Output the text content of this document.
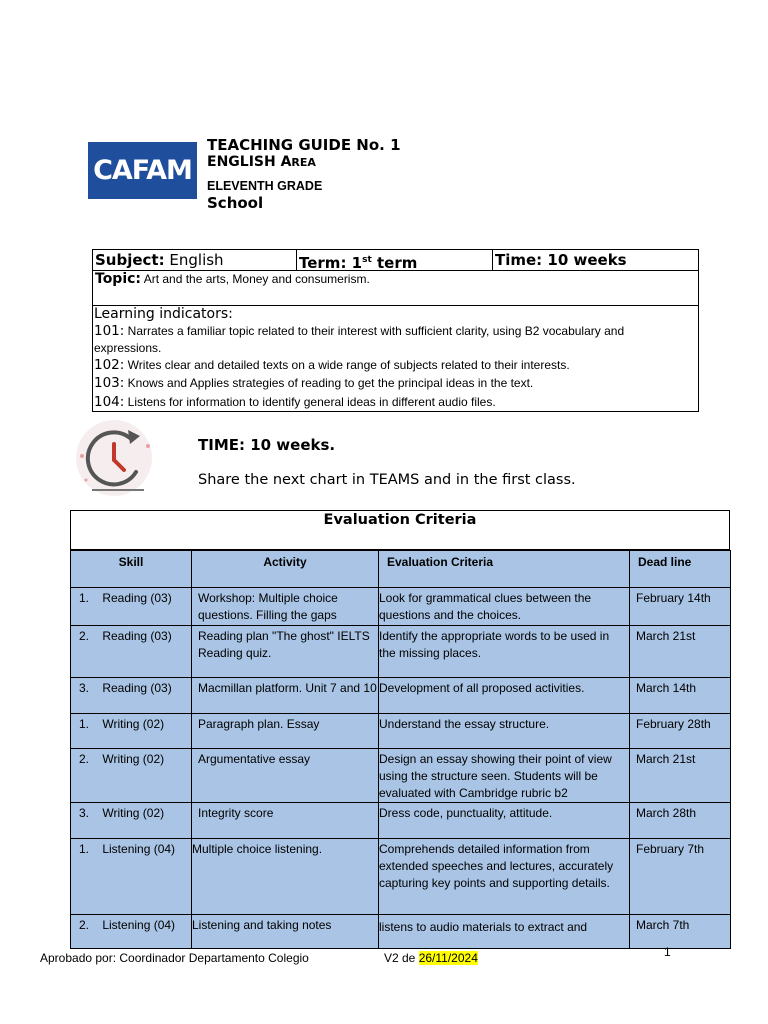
CAFAM
TEACHING GUIDE No. 1
ENGLISH AREA
ELEVENTH GRADE
School
Subject: English	Term: 1st term	Time: 10 weeks
Topic: Art and the arts, Money and consumerism.
Learning indicators:
101: Narrates a familiar topic related to their interest with sufficient clarity, using B2 vocabulary and expressions.
102: Writes clear and detailed texts on a wide range of subjects related to their interests.
103: Knows and Applies strategies of reading to get the principal ideas in the text.
104: Listens for information to identify general ideas in different audio files.
TIME: 10 weeks.
Share the next chart in TEAMS and in the first class.
Evaluation Criteria
Skill	Activity	Evaluation Criteria	Dead line
1.    Reading (03)	Workshop: Multiple choice questions. Filling the gaps	Look for grammatical clues between the questions and the choices.	February 14th
2.    Reading (03)	Reading plan "The ghost" IELTS Reading quiz.	Identify the appropriate words to be used in the missing places.	March 21st
3.    Reading (03)	Macmillan platform. Unit 7 and 10	Development of all proposed activities.	March 14th
1.    Writing (02)	Paragraph plan. Essay	Understand the essay structure.	February 28th
2.    Writing (02)	Argumentative essay	Design an essay showing their point of view using the structure seen. Students will be evaluated with Cambridge rubric b2	March 21st
3.    Writing (02)	Integrity score	Dress code, punctuality, attitude.	March 28th
1.    Listening (04)	Multiple choice listening.	Comprehends detailed information from extended speeches and lectures, accurately capturing key points and supporting details.	February 7th
2.    Listening (04)	Listening and taking notes	listens to audio materials to extract and	March 7th
Aprobado por: Coordinador Departamento Colegio	V2 de 26/11/2024	1
